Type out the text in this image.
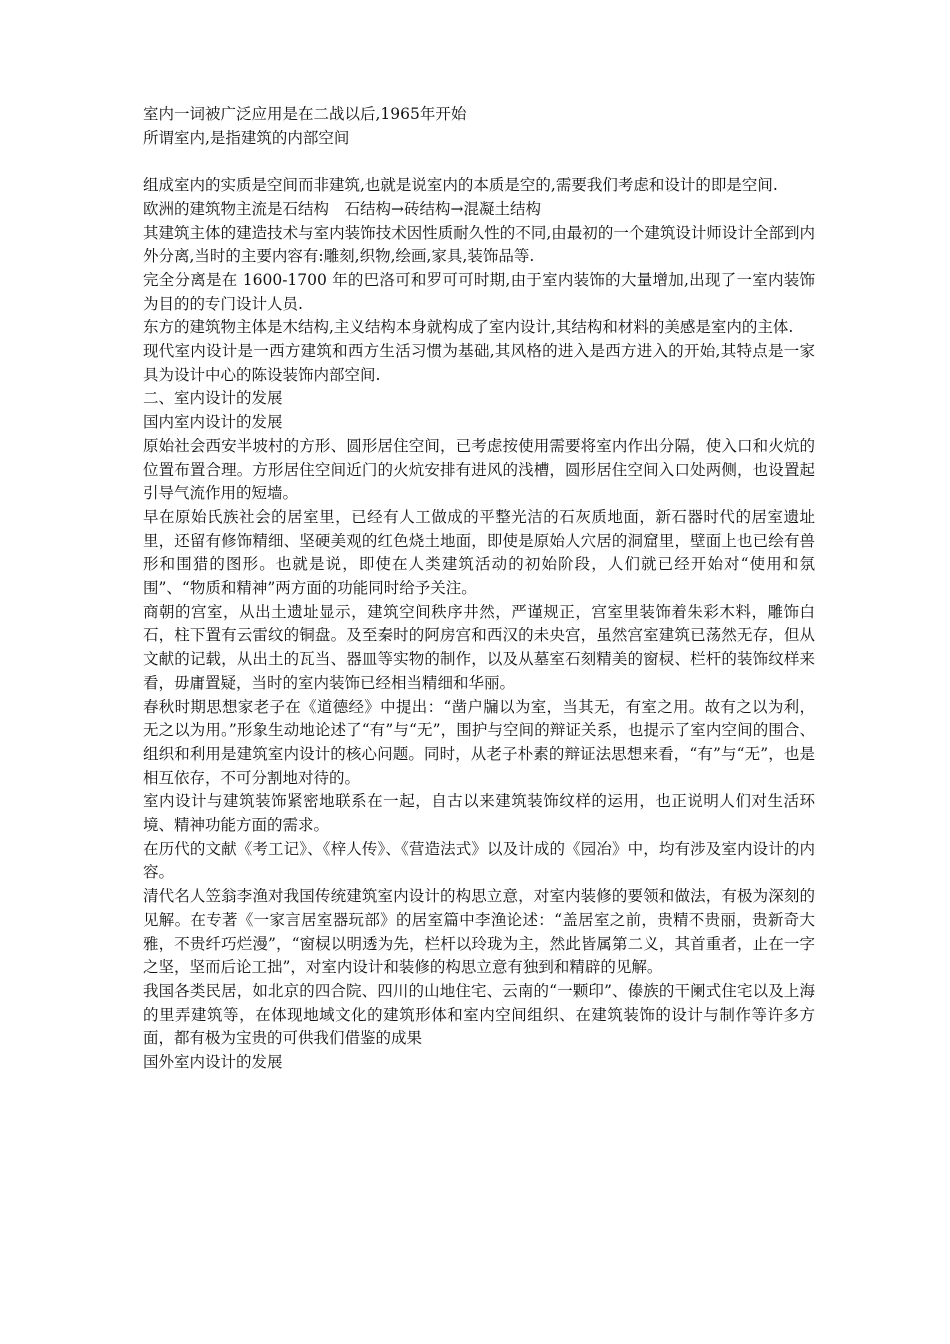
室内一词被广泛应用是在二战以后,1965年开始

所谓室内,是指建筑的内部空间

组成室内的实质是空间而非建筑,也就是说室内的本质是空的,需要我们考虑和设计的即是空间.

欧洲的建筑物主流是石结构　石结构→砖结构→混凝土结构

其建筑主体的建造技术与室内装饰技术因性质耐久性的不同,由最初的一个建筑设计师设计全部到内外分离,当时的主要内容有:雕刻,织物,绘画,家具,装饰品等.

完全分离是在 1600-1700 年的巴洛可和罗可可时期,由于室内装饰的大量增加,出现了一室内装饰为目的的专门设计人员.

东方的建筑物主体是木结构,主义结构本身就构成了室内设计,其结构和材料的美感是室内的主体.

现代室内设计是一西方建筑和西方生活习惯为基础,其风格的进入是西方进入的开始,其特点是一家具为设计中心的陈设装饰内部空间.

二、室内设计的发展

国内室内设计的发展

原始社会西安半坡村的方形、圆形居住空间，已考虑按使用需要将室内作出分隔，使入口和火炕的位置布置合理。方形居住空间近门的火炕安排有进风的浅槽，圆形居住空间入口处两侧，也设置起引导气流作用的短墙。

早在原始氏族社会的居室里，已经有人工做成的平整光洁的石灰质地面，新石器时代的居室遗址里，还留有修饰精细、坚硬美观的红色烧土地面，即使是原始人穴居的洞窟里，壁面上也已绘有兽形和围猎的图形。也就是说，即使在人类建筑活动的初始阶段，人们就已经开始对“使用和氛围”、“物质和精神”两方面的功能同时给予关注。

商朝的宫室，从出土遗址显示，建筑空间秩序井然，严谨规正，宫室里装饰着朱彩木料，雕饰白石，柱下置有云雷纹的铜盘。及至秦时的阿房宫和西汉的未央宫，虽然宫室建筑已荡然无存，但从文献的记载，从出土的瓦当、器皿等实物的制作，以及从墓室石刻精美的窗棂、栏杆的装饰纹样来看，毋庸置疑，当时的室内装饰已经相当精细和华丽。

春秋时期思想家老子在《道德经》中提出：“凿户牖以为室，当其无，有室之用。故有之以为利，无之以为用。”形象生动地论述了“有”与“无”，围护与空间的辩证关系，也提示了室内空间的围合、组织和利用是建筑室内设计的核心问题。同时，从老子朴素的辩证法思想来看，“有”与“无”，也是相互依存，不可分割地对待的。

室内设计与建筑装饰紧密地联系在一起，自古以来建筑装饰纹样的运用，也正说明人们对生活环境、精神功能方面的需求。

在历代的文献《考工记》、《梓人传》、《营造法式》以及计成的《园冶》中，均有涉及室内设计的内容。

清代名人笠翁李渔对我国传统建筑室内设计的构思立意，对室内装修的要领和做法，有极为深刻的见解。在专著《一家言居室器玩部》的居室篇中李渔论述：“盖居室之前，贵精不贵丽，贵新奇大雅，不贵纤巧烂漫”，“窗棂以明透为先，栏杆以玲珑为主，然此皆属第二义，其首重者，止在一字之坚，坚而后论工拙”，对室内设计和装修的构思立意有独到和精辟的见解。

我国各类民居，如北京的四合院、四川的山地住宅、云南的“一颗印”、傣族的干阑式住宅以及上海的里弄建筑等，在体现地域文化的建筑形体和室内空间组织、在建筑装饰的设计与制作等许多方面，都有极为宝贵的可供我们借鉴的成果

国外室内设计的发展
